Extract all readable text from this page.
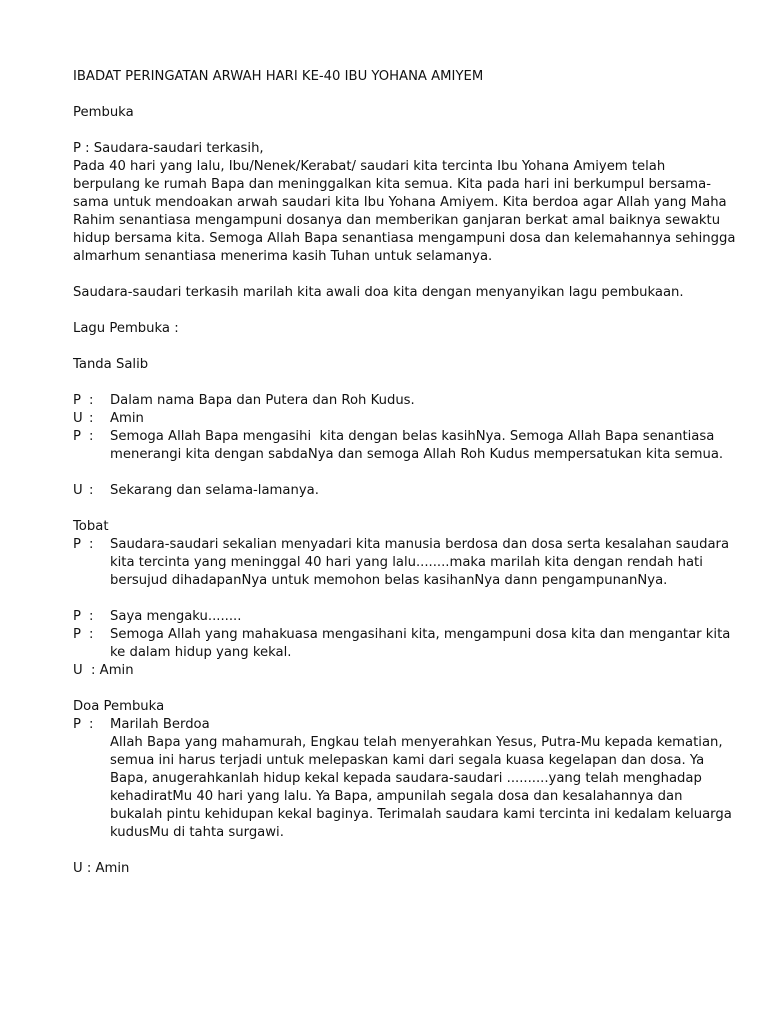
IBADAT PERINGATAN ARWAH HARI KE-40 IBU YOHANA AMIYEM
Pembuka
P : Saudara-saudari terkasih,
Pada 40 hari yang lalu, Ibu/Nenek/Kerabat/ saudari kita tercinta Ibu Yohana Amiyem telah
berpulang ke rumah Bapa dan meninggalkan kita semua. Kita pada hari ini berkumpul bersama-
sama untuk mendoakan arwah saudari kita Ibu Yohana Amiyem. Kita berdoa agar Allah yang Maha
Rahim senantiasa mengampuni dosanya dan memberikan ganjaran berkat amal baiknya sewaktu
hidup bersama kita. Semoga Allah Bapa senantiasa mengampuni dosa dan kelemahannya sehingga
almarhum senantiasa menerima kasih Tuhan untuk selamanya.
Saudara-saudari terkasih marilah kita awali doa kita dengan menyanyikan lagu pembukaan.
Lagu Pembuka :
Tanda Salib
P :	Dalam nama Bapa dan Putera dan Roh Kudus.
U :	Amin
P :	Semoga Allah Bapa mengasihi  kita dengan belas kasihNya. Semoga Allah Bapa senantiasa
menerangi kita dengan sabdaNya dan semoga Allah Roh Kudus mempersatukan kita semua.
U :	Sekarang dan selama-lamanya.
Tobat
P :	Saudara-saudari sekalian menyadari kita manusia berdosa dan dosa serta kesalahan saudara
kita tercinta yang meninggal 40 hari yang lalu........maka marilah kita dengan rendah hati
bersujud dihadapanNya untuk memohon belas kasihanNya dann pengampunanNya.
P :	Saya mengaku........
P :	Semoga Allah yang mahakuasa mengasihani kita, mengampuni dosa kita dan mengantar kita
ke dalam hidup yang kekal.
U  : Amin
Doa Pembuka
P :	Marilah Berdoa
Allah Bapa yang mahamurah, Engkau telah menyerahkan Yesus, Putra-Mu kepada kematian,
semua ini harus terjadi untuk melepaskan kami dari segala kuasa kegelapan dan dosa. Ya
Bapa, anugerahkanlah hidup kekal kepada saudara-saudari ..........yang telah menghadap
kehadiratMu 40 hari yang lalu. Ya Bapa, ampunilah segala dosa dan kesalahannya dan
bukalah pintu kehidupan kekal baginya. Terimalah saudara kami tercinta ini kedalam keluarga
kudusMu di tahta surgawi.
U : Amin
